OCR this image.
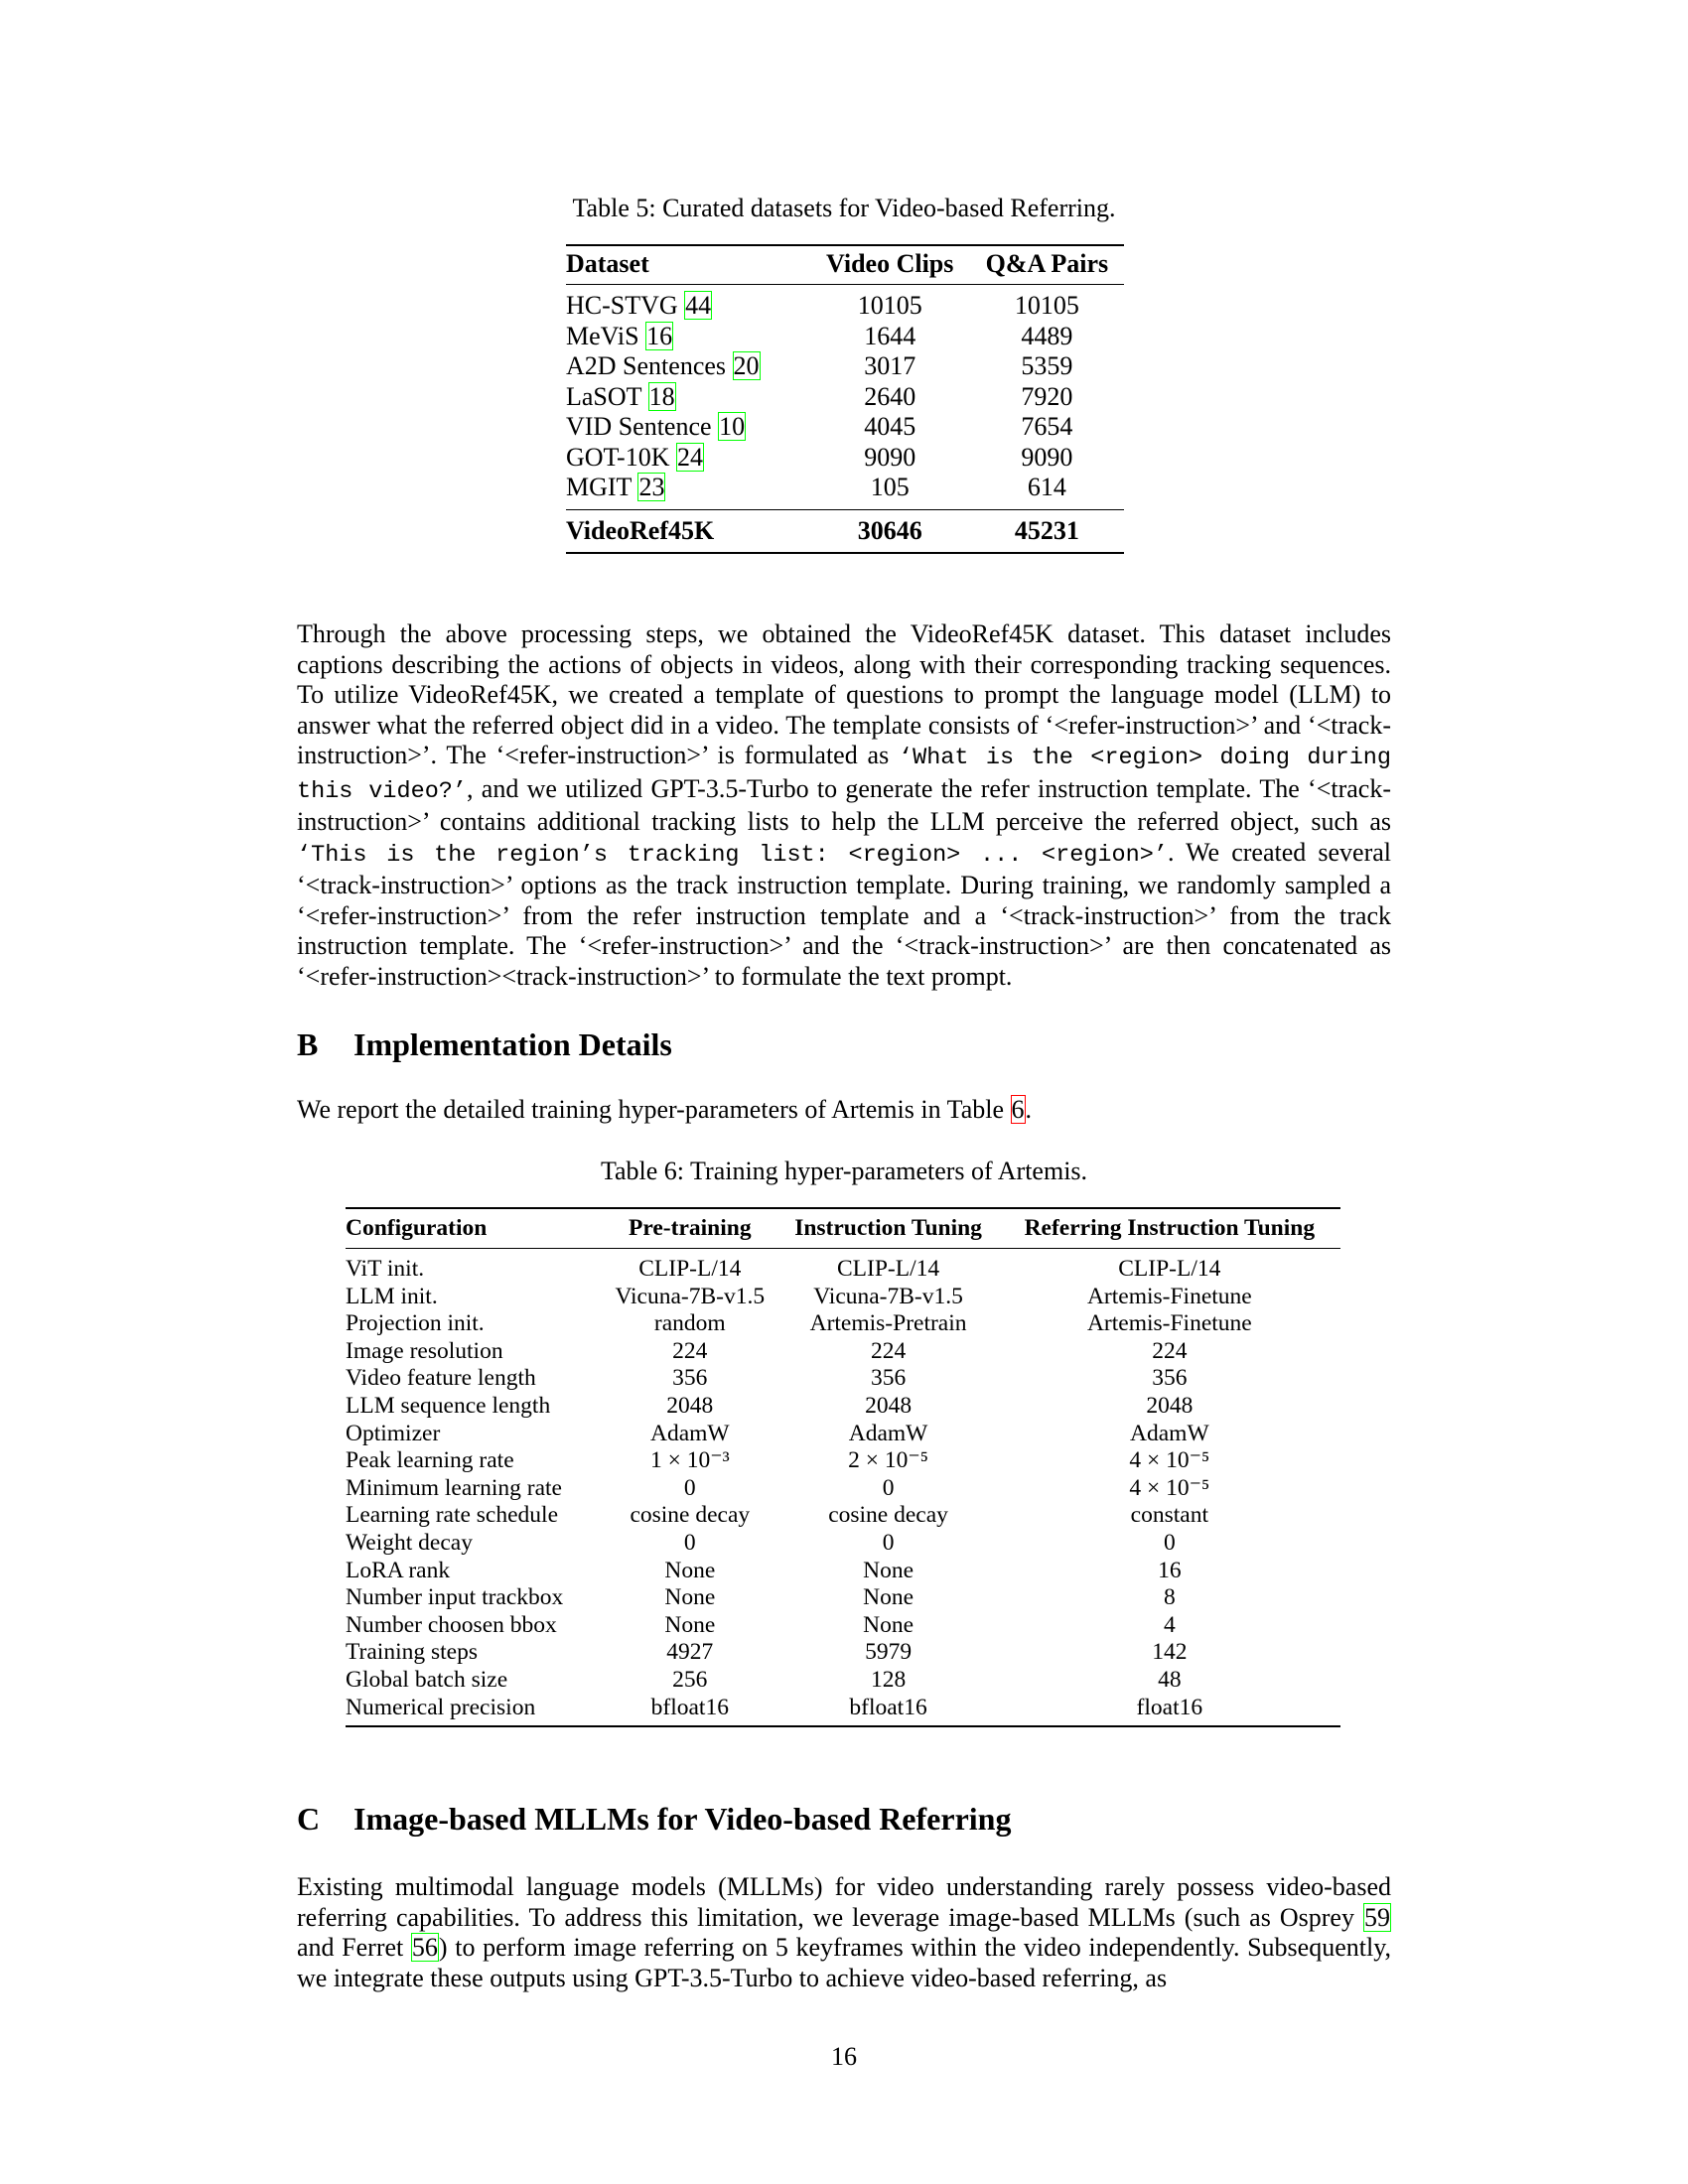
Table 5: Curated datasets for Video-based Referring.
Dataset	Video Clips	Q&A Pairs
HC-STVG 44	10105	10105
MeViS 16	1644	4489
A2D Sentences 20	3017	5359
LaSOT 18	2640	7920
VID Sentence 10	4045	7654
GOT-10K 24	9090	9090
MGIT 23	105	614
VideoRef45K	30646	45231

Through the above processing steps, we obtained the VideoRef45K dataset. This dataset includes captions describing the actions of objects in videos, along with their corresponding tracking sequences. To utilize VideoRef45K, we created a template of questions to prompt the language model (LLM) to answer what the referred object did in a video. The template consists of ‘<refer-instruction>’ and ‘<track-instruction>’. The ‘<refer-instruction>’ is formulated as ‘What is the <region> doing during this video?’, and we utilized GPT-3.5-Turbo to generate the refer instruction template. The ‘<track-instruction>’ contains additional tracking lists to help the LLM perceive the referred object, such as ‘This is the region’s tracking list: <region> ... <region>’. We created several ‘<track-instruction>’ options as the track instruction template. During training, we randomly sampled a ‘<refer-instruction>’ from the refer instruction template and a ‘<track-instruction>’ from the track instruction template. The ‘<refer-instruction>’ and the ‘<track-instruction>’ are then concatenated as ‘<refer-instruction><track-instruction>’ to formulate the text prompt.

B Implementation Details

We report the detailed training hyper-parameters of Artemis in Table 6.

Table 6: Training hyper-parameters of Artemis.
Configuration	Pre-training	Instruction Tuning	Referring Instruction Tuning
ViT init.	CLIP-L/14	CLIP-L/14	CLIP-L/14
LLM init.	Vicuna-7B-v1.5	Vicuna-7B-v1.5	Artemis-Finetune
Projection init.	random	Artemis-Pretrain	Artemis-Finetune
Image resolution	224	224	224
Video feature length	356	356	356
LLM sequence length	2048	2048	2048
Optimizer	AdamW	AdamW	AdamW
Peak learning rate	1 × 10⁻³	2 × 10⁻⁵	4 × 10⁻⁵
Minimum learning rate	0	0	4 × 10⁻⁵
Learning rate schedule	cosine decay	cosine decay	constant
Weight decay	0	0	0
LoRA rank	None	None	16
Number input trackbox	None	None	8
Number choosen bbox	None	None	4
Training steps	4927	5979	142
Global batch size	256	128	48
Numerical precision	bfloat16	bfloat16	float16
C Image-based MLLMs for Video-based Referring

Existing multimodal language models (MLLMs) for video understanding rarely possess video-based referring capabilities. To address this limitation, we leverage image-based MLLMs (such as Osprey 59 and Ferret 56) to perform image referring on 5 keyframes within the video independently. Subsequently, we integrate these outputs using GPT-3.5-Turbo to achieve video-based referring, as

16
